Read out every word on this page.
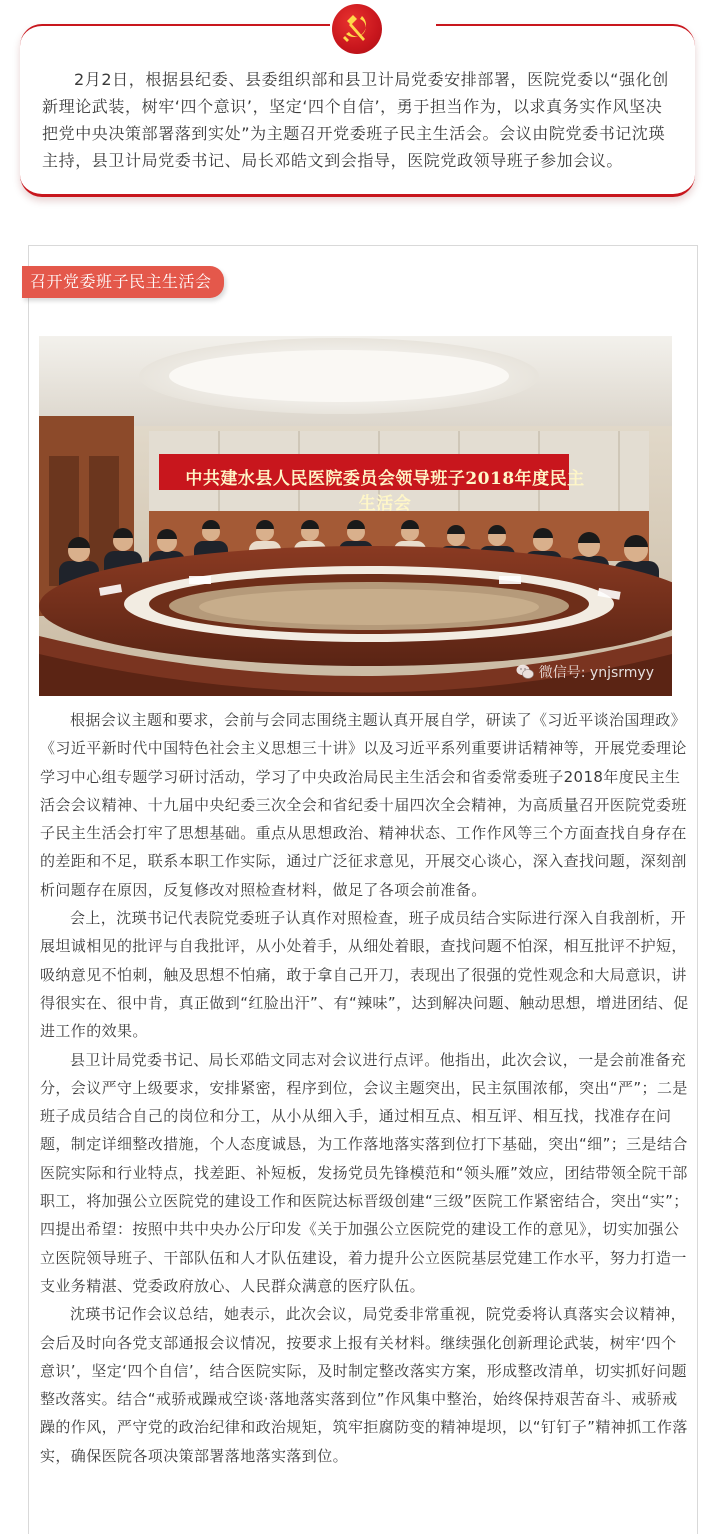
2月2日，根据县纪委、县委组织部和县卫计局党委安排部署，医院党委以“强化创新理论武装，树牢‘四个意识’，坚定‘四个自信’，勇于担当作为，以求真务实作风坚决把党中央决策部署落到实处”为主题召开党委班子民主生活会。会议由院党委书记沈瑛主持，县卫计局党委书记、局长邓皓文到会指导，医院党政领导班子参加会议。
召开党委班子民主生活会
中共建水县人民医院委员会领导班子2018年度民主生活会
微信号: ynjsrmyy

根据会议主题和要求，会前与会同志围绕主题认真开展自学，研读了《习近平谈治国理政》《习近平新时代中国特色社会主义思想三十讲》以及习近平系列重要讲话精神等，开展党委理论学习中心组专题学习研讨活动，学习了中央政治局民主生活会和省委常委班子2018年度民主生活会会议精神、十九届中央纪委三次全会和省纪委十届四次全会精神，为高质量召开医院党委班子民主生活会打牢了思想基础。重点从思想政治、精神状态、工作作风等三个方面查找自身存在的差距和不足，联系本职工作实际，通过广泛征求意见，开展交心谈心，深入查找问题，深刻剖析问题存在原因，反复修改对照检查材料，做足了各项会前准备。

会上，沈瑛书记代表院党委班子认真作对照检查，班子成员结合实际进行深入自我剖析，开展坦诚相见的批评与自我批评，从小处着手，从细处着眼，查找问题不怕深，相互批评不护短，吸纳意见不怕刺，触及思想不怕痛，敢于拿自己开刀，表现出了很强的党性观念和大局意识，讲得很实在、很中肯，真正做到“红脸出汗”、有“辣味”，达到解决问题、触动思想，增进团结、促进工作的效果。

县卫计局党委书记、局长邓皓文同志对会议进行点评。他指出，此次会议，一是会前准备充分，会议严守上级要求，安排紧密，程序到位，会议主题突出，民主氛围浓郁，突出“严”；二是班子成员结合自己的岗位和分工，从小从细入手，通过相互点、相互评、相互找，找准存在问题，制定详细整改措施，个人态度诚恳，为工作落地落实落到位打下基础，突出“细”；三是结合医院实际和行业特点，找差距、补短板，发扬党员先锋模范和“领头雁”效应，团结带领全院干部职工，将加强公立医院党的建设工作和医院达标晋级创建“三级”医院工作紧密结合，突出“实”；四提出希望：按照中共中央办公厅印发《关于加强公立医院党的建设工作的意见》，切实加强公立医院领导班子、干部队伍和人才队伍建设，着力提升公立医院基层党建工作水平，努力打造一支业务精湛、党委政府放心、人民群众满意的医疗队伍。

沈瑛书记作会议总结，她表示，此次会议，局党委非常重视，院党委将认真落实会议精神，会后及时向各党支部通报会议情况，按要求上报有关材料。继续强化创新理论武装，树牢‘四个意识’，坚定‘四个自信’，结合医院实际，及时制定整改落实方案，形成整改清单，切实抓好问题整改落实。结合“戒骄戒躁戒空谈·落地落实落到位”作风集中整治，始终保持艰苦奋斗、戒骄戒躁的作风，严守党的政治纪律和政治规矩，筑牢拒腐防变的精神堤坝，以“钉钉子”精神抓工作落实，确保医院各项决策部署落地落实落到位。
